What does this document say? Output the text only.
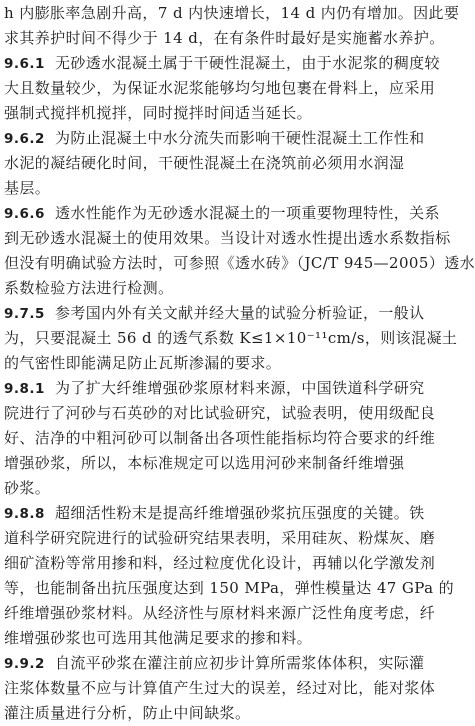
h 内膨胀率急剧升高，7 d 内快速增长，14 d 内仍有增加。因此要
求其养护时间不得少于 14 d，在有条件时最好是实施蓄水养护。
9.6.1 无砂透水混凝土属于干硬性混凝土，由于水泥浆的稠度较
大且数量较少，为保证水泥浆能够均匀地包裹在骨料上，应采用
强制式搅拌机搅拌，同时搅拌时间适当延长。
9.6.2 为防止混凝土中水分流失而影响干硬性混凝土工作性和
水泥的凝结硬化时间，干硬性混凝土在浇筑前必须用水润湿
基层。
9.6.6 透水性能作为无砂透水混凝土的一项重要物理特性，关系
到无砂透水混凝土的使用效果。当设计对透水性提出透水系数指标
但没有明确试验方法时，可参照《透水砖》（JC/T 945—2005）透水
系数检验方法进行检测。
9.7.5 参考国内外有关文献并经大量的试验分析验证，一般认
为，只要混凝土 56 d 的透气系数 K≤1×10⁻¹¹cm/s，则该混凝土
的气密性即能满足防止瓦斯渗漏的要求。
9.8.1 为了扩大纤维增强砂浆原材料来源，中国铁道科学研究
院进行了河砂与石英砂的对比试验研究，试验表明，使用级配良
好、洁净的中粗河砂可以制备出各项性能指标均符合要求的纤维
增强砂浆，所以，本标准规定可以选用河砂来制备纤维增强
砂浆。
9.8.8 超细活性粉末是提高纤维增强砂浆抗压强度的关键。铁
道科学研究院进行的试验研究结果表明，采用硅灰、粉煤灰、磨
细矿渣粉等常用掺和料，经过粒度优化设计，再辅以化学激发剂
等，也能制备出抗压强度达到 150 MPa，弹性模量达 47 GPa 的
纤维增强砂浆材料。从经济性与原材料来源广泛性角度考虑，纤
维增强砂浆也可选用其他满足要求的掺和料。
9.9.2 自流平砂浆在灌注前应初步计算所需浆体体积，实际灌
注浆体数量不应与计算值产生过大的误差，经过对比，能对浆体
灌注质量进行分析，防止中间缺浆。
